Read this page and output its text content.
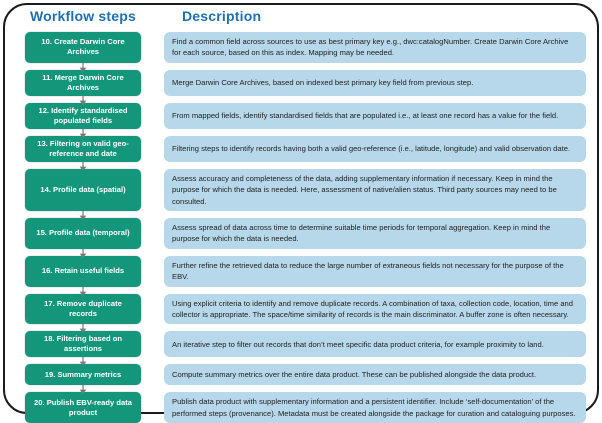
Workflow steps	Description
10. Create Darwin Core Archives

Find a common field across sources to use as best primary key e.g., dwc:catalogNumber. Create Darwin Core Archive for each source, based on this as index. Mapping may be needed.

11. Merge Darwin Core Archives

Merge Darwin Core Archives, based on indexed best primary key field from previous step.

12. Identify standardised populated fields

From mapped fields, identify standardised fields that are populated i.e., at least one record has a value for the field.

13. Filtering on valid geo-reference and date

Filtering steps to identify records having both a valid geo-reference (i.e., latitude, longitude) and valid observation date.

14. Profile data (spatial)

Assess accuracy and completeness of the data, adding supplementary information if necessary. Keep in mind the purpose for which the data is needed. Here, assessment of native/alien status. Third party sources may need to be consulted.

15. Profile data (temporal)

Assess spread of data across time to determine suitable time periods for temporal aggregation. Keep in mind the purpose for which the data is needed.

16. Retain useful fields

Further refine the retrieved data to reduce the large number of extraneous fields not necessary for the purpose of the EBV.

17. Remove duplicate records

Using explicit criteria to identify and remove duplicate records. A combination of taxa, collection code, location, time and collector is appropriate. The space/time similarity of records is the main discriminator. A buffer zone is often necessary.

18. Filtering based on assertions

An iterative step to filter out records that don’t meet specific data product criteria, for example proximity to land.

19. Summary metrics	Compute summary metrics over the entire data product. These can be published alongside the data product.

20. Publish EBV-ready data product

Publish data product with supplementary information and a persistent identifier. Include ‘self-documentation’ of the performed steps (provenance). Metadata must be created alongside the package for curation and cataloguing purposes.
